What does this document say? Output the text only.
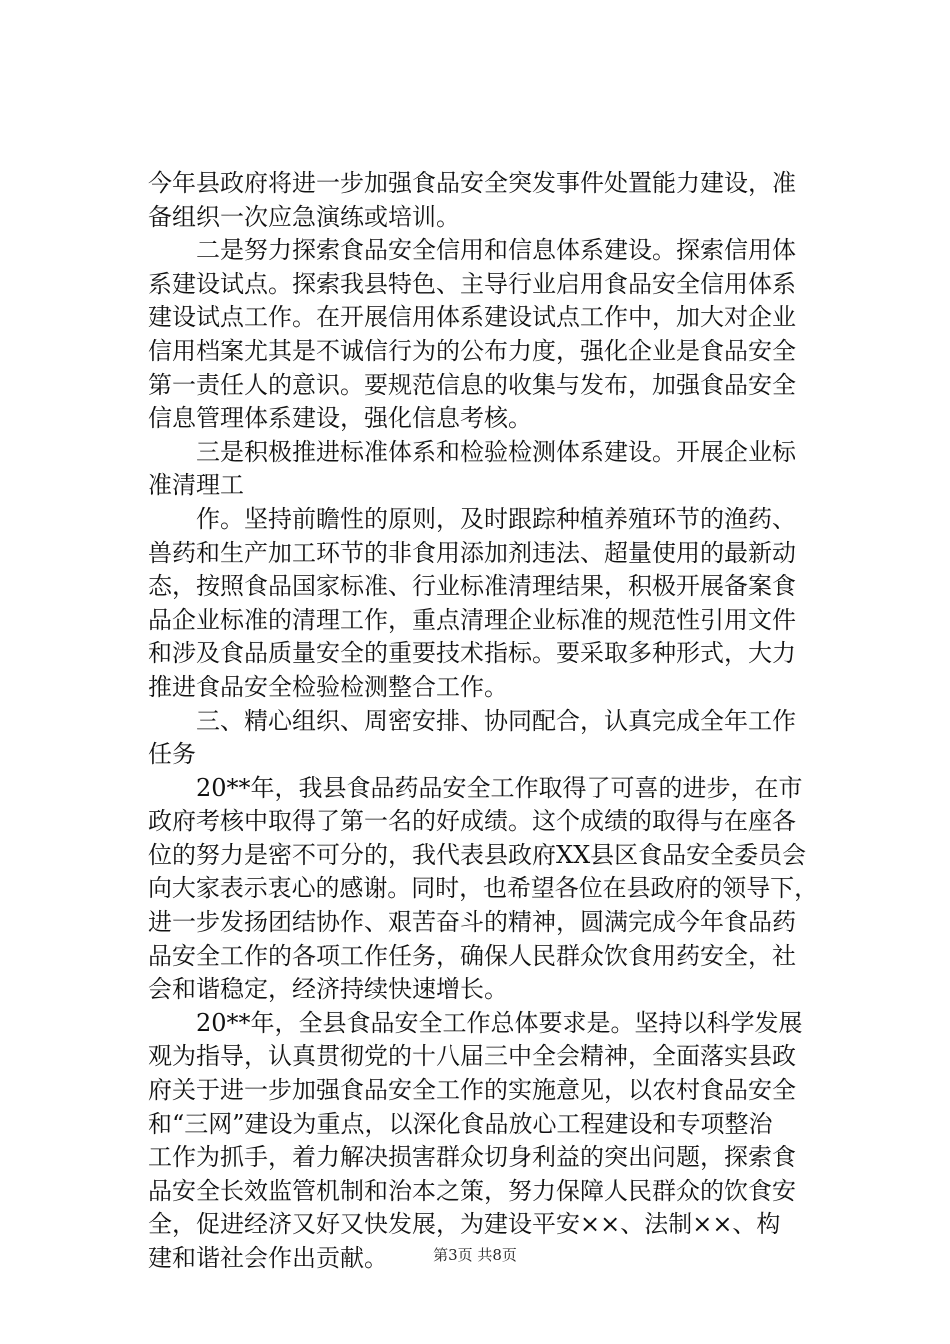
今年县政府将进一步加强食品安全突发事件处置能力建设，准
备组织一次应急演练或培训。
二是努力探索食品安全信用和信息体系建设。探索信用体
系建设试点。探索我县特色、主导行业启用食品安全信用体系
建设试点工作。在开展信用体系建设试点工作中，加大对企业
信用档案尤其是不诚信行为的公布力度，强化企业是食品安全
第一责任人的意识。要规范信息的收集与发布，加强食品安全
信息管理体系建设，强化信息考核。
三是积极推进标准体系和检验检测体系建设。开展企业标
准清理工
作。坚持前瞻性的原则，及时跟踪种植养殖环节的渔药、
兽药和生产加工环节的非食用添加剂违法、超量使用的最新动
态，按照食品国家标准、行业标准清理结果，积极开展备案食
品企业标准的清理工作，重点清理企业标准的规范性引用文件
和涉及食品质量安全的重要技术指标。要采取多种形式，大力
推进食品安全检验检测整合工作。
三、精心组织、周密安排、协同配合，认真完成全年工作
任务
20**年，我县食品药品安全工作取得了可喜的进步，在市
政府考核中取得了第一名的好成绩。这个成绩的取得与在座各
位的努力是密不可分的，我代表县政府XX县区食品安全委员会
向大家表示衷心的感谢。同时，也希望各位在县政府的领导下，
进一步发扬团结协作、艰苦奋斗的精神，圆满完成今年食品药
品安全工作的各项工作任务，确保人民群众饮食用药安全，社
会和谐稳定，经济持续快速增长。
20**年，全县食品安全工作总体要求是。坚持以科学发展
观为指导，认真贯彻党的十八届三中全会精神，全面落实县政
府关于进一步加强食品安全工作的实施意见，以农村食品安全
和“三网”建设为重点，以深化食品放心工程建设和专项整治
工作为抓手，着力解决损害群众切身利益的突出问题，探索食
品安全长效监管机制和治本之策，努力保障人民群众的饮食安
全，促进经济又好又快发展，为建设平安××、法制××、构
建和谐社会作出贡献。	第3页 共8页
